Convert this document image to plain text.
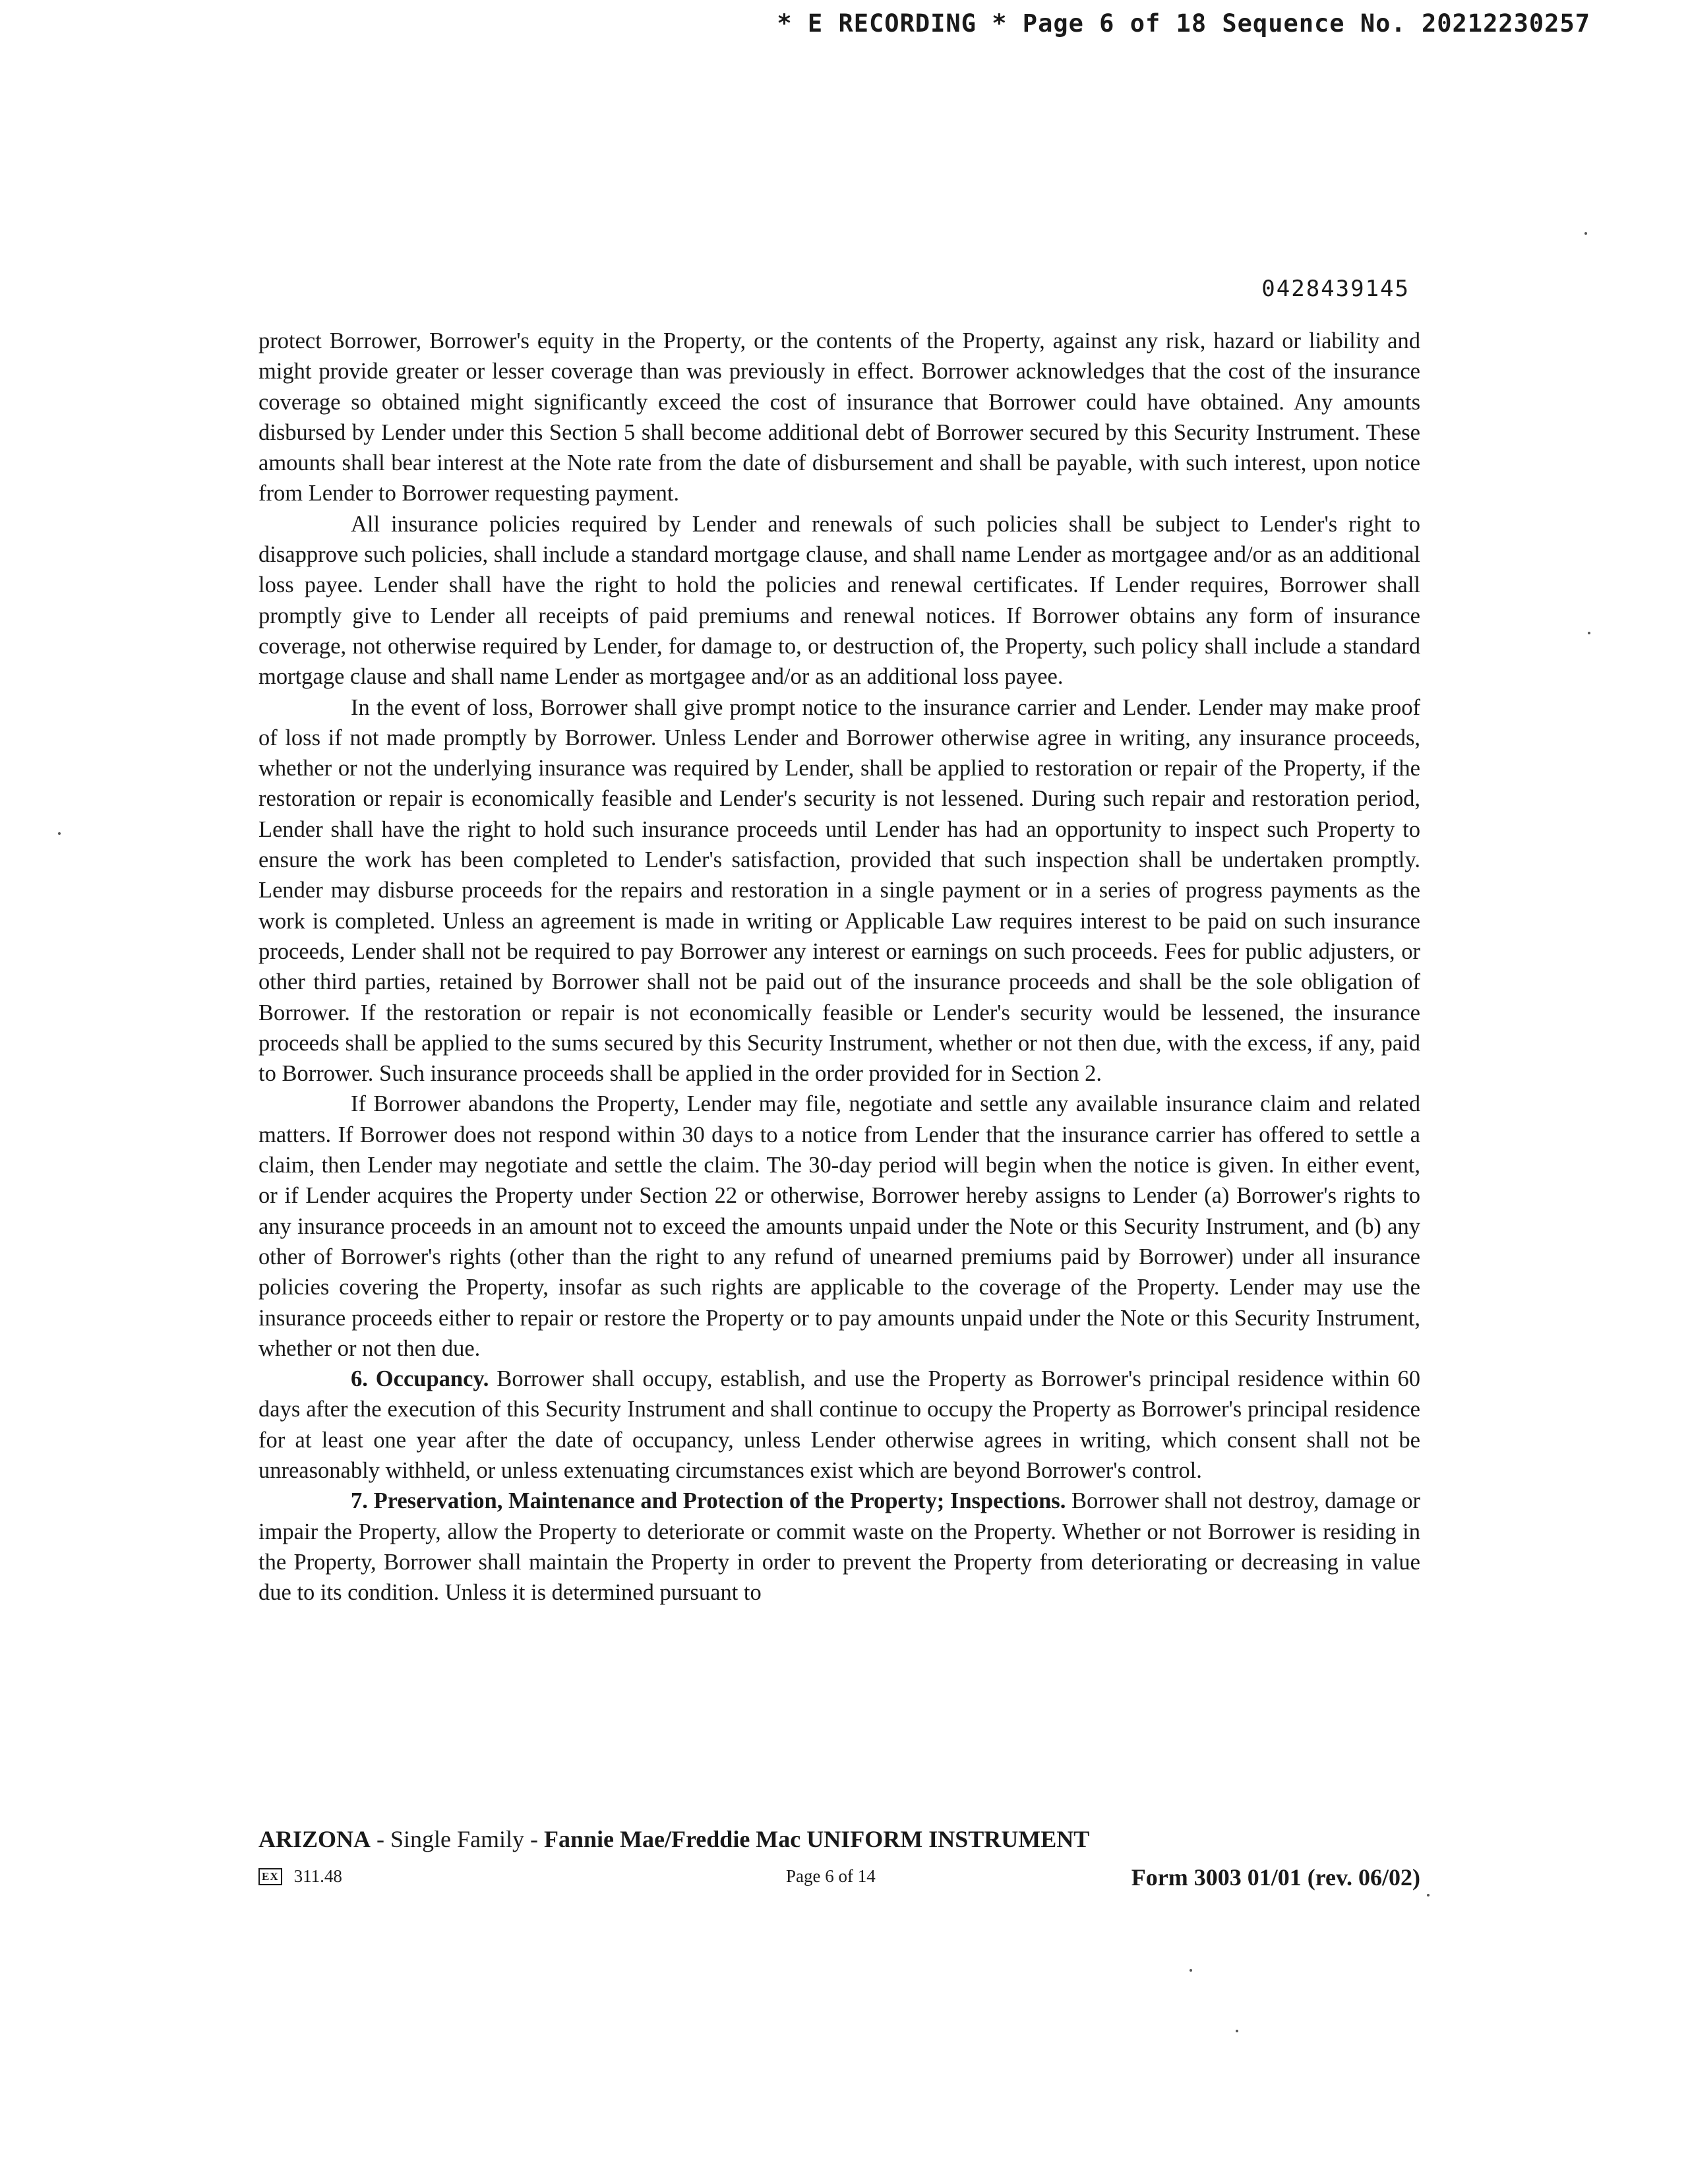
* E RECORDING * Page 6 of 18 Sequence No. 20212230257
0428439145

protect Borrower, Borrower's equity in the Property, or the contents of the Property, against any risk, hazard or liability and might provide greater or lesser coverage than was previously in effect. Borrower acknowledges that the cost of the insurance coverage so obtained might significantly exceed the cost of insurance that Borrower could have obtained. Any amounts disbursed by Lender under this Section 5 shall become additional debt of Borrower secured by this Security Instrument. These amounts shall bear interest at the Note rate from the date of disbursement and shall be payable, with such interest, upon notice from Lender to Borrower requesting payment.

All insurance policies required by Lender and renewals of such policies shall be subject to Lender's right to disapprove such policies, shall include a standard mortgage clause, and shall name Lender as mortgagee and/or as an additional loss payee. Lender shall have the right to hold the policies and renewal certificates. If Lender requires, Borrower shall promptly give to Lender all receipts of paid premiums and renewal notices. If Borrower obtains any form of insurance coverage, not otherwise required by Lender, for damage to, or destruction of, the Property, such policy shall include a standard mortgage clause and shall name Lender as mortgagee and/or as an additional loss payee.

In the event of loss, Borrower shall give prompt notice to the insurance carrier and Lender. Lender may make proof of loss if not made promptly by Borrower. Unless Lender and Borrower otherwise agree in writing, any insurance proceeds, whether or not the underlying insurance was required by Lender, shall be applied to restoration or repair of the Property, if the restoration or repair is economically feasible and Lender's security is not lessened. During such repair and restoration period, Lender shall have the right to hold such insurance proceeds until Lender has had an opportunity to inspect such Property to ensure the work has been completed to Lender's satisfaction, provided that such inspection shall be undertaken promptly. Lender may disburse proceeds for the repairs and restoration in a single payment or in a series of progress payments as the work is completed. Unless an agreement is made in writing or Applicable Law requires interest to be paid on such insurance proceeds, Lender shall not be required to pay Borrower any interest or earnings on such proceeds. Fees for public adjusters, or other third parties, retained by Borrower shall not be paid out of the insurance proceeds and shall be the sole obligation of Borrower. If the restoration or repair is not economically feasible or Lender's security would be lessened, the insurance proceeds shall be applied to the sums secured by this Security Instrument, whether or not then due, with the excess, if any, paid to Borrower. Such insurance proceeds shall be applied in the order provided for in Section 2.

If Borrower abandons the Property, Lender may file, negotiate and settle any available insurance claim and related matters. If Borrower does not respond within 30 days to a notice from Lender that the insurance carrier has offered to settle a claim, then Lender may negotiate and settle the claim. The 30-day period will begin when the notice is given. In either event, or if Lender acquires the Property under Section 22 or otherwise, Borrower hereby assigns to Lender (a) Borrower's rights to any insurance proceeds in an amount not to exceed the amounts unpaid under the Note or this Security Instrument, and (b) any other of Borrower's rights (other than the right to any refund of unearned premiums paid by Borrower) under all insurance policies covering the Property, insofar as such rights are applicable to the coverage of the Property. Lender may use the insurance proceeds either to repair or restore the Property or to pay amounts unpaid under the Note or this Security Instrument, whether or not then due.

6. Occupancy. Borrower shall occupy, establish, and use the Property as Borrower's principal residence within 60 days after the execution of this Security Instrument and shall continue to occupy the Property as Borrower's principal residence for at least one year after the date of occupancy, unless Lender otherwise agrees in writing, which consent shall not be unreasonably withheld, or unless extenuating circumstances exist which are beyond Borrower's control.

7. Preservation, Maintenance and Protection of the Property; Inspections. Borrower shall not destroy, damage or impair the Property, allow the Property to deteriorate or commit waste on the Property. Whether or not Borrower is residing in the Property, Borrower shall maintain the Property in order to prevent the Property from deteriorating or decreasing in value due to its condition. Unless it is determined pursuant to

ARIZONA - Single Family - Fannie Mae/Freddie Mac UNIFORM INSTRUMENT
EX 311.48	Page 6 of 14	Form 3003 01/01 (rev. 06/02)
